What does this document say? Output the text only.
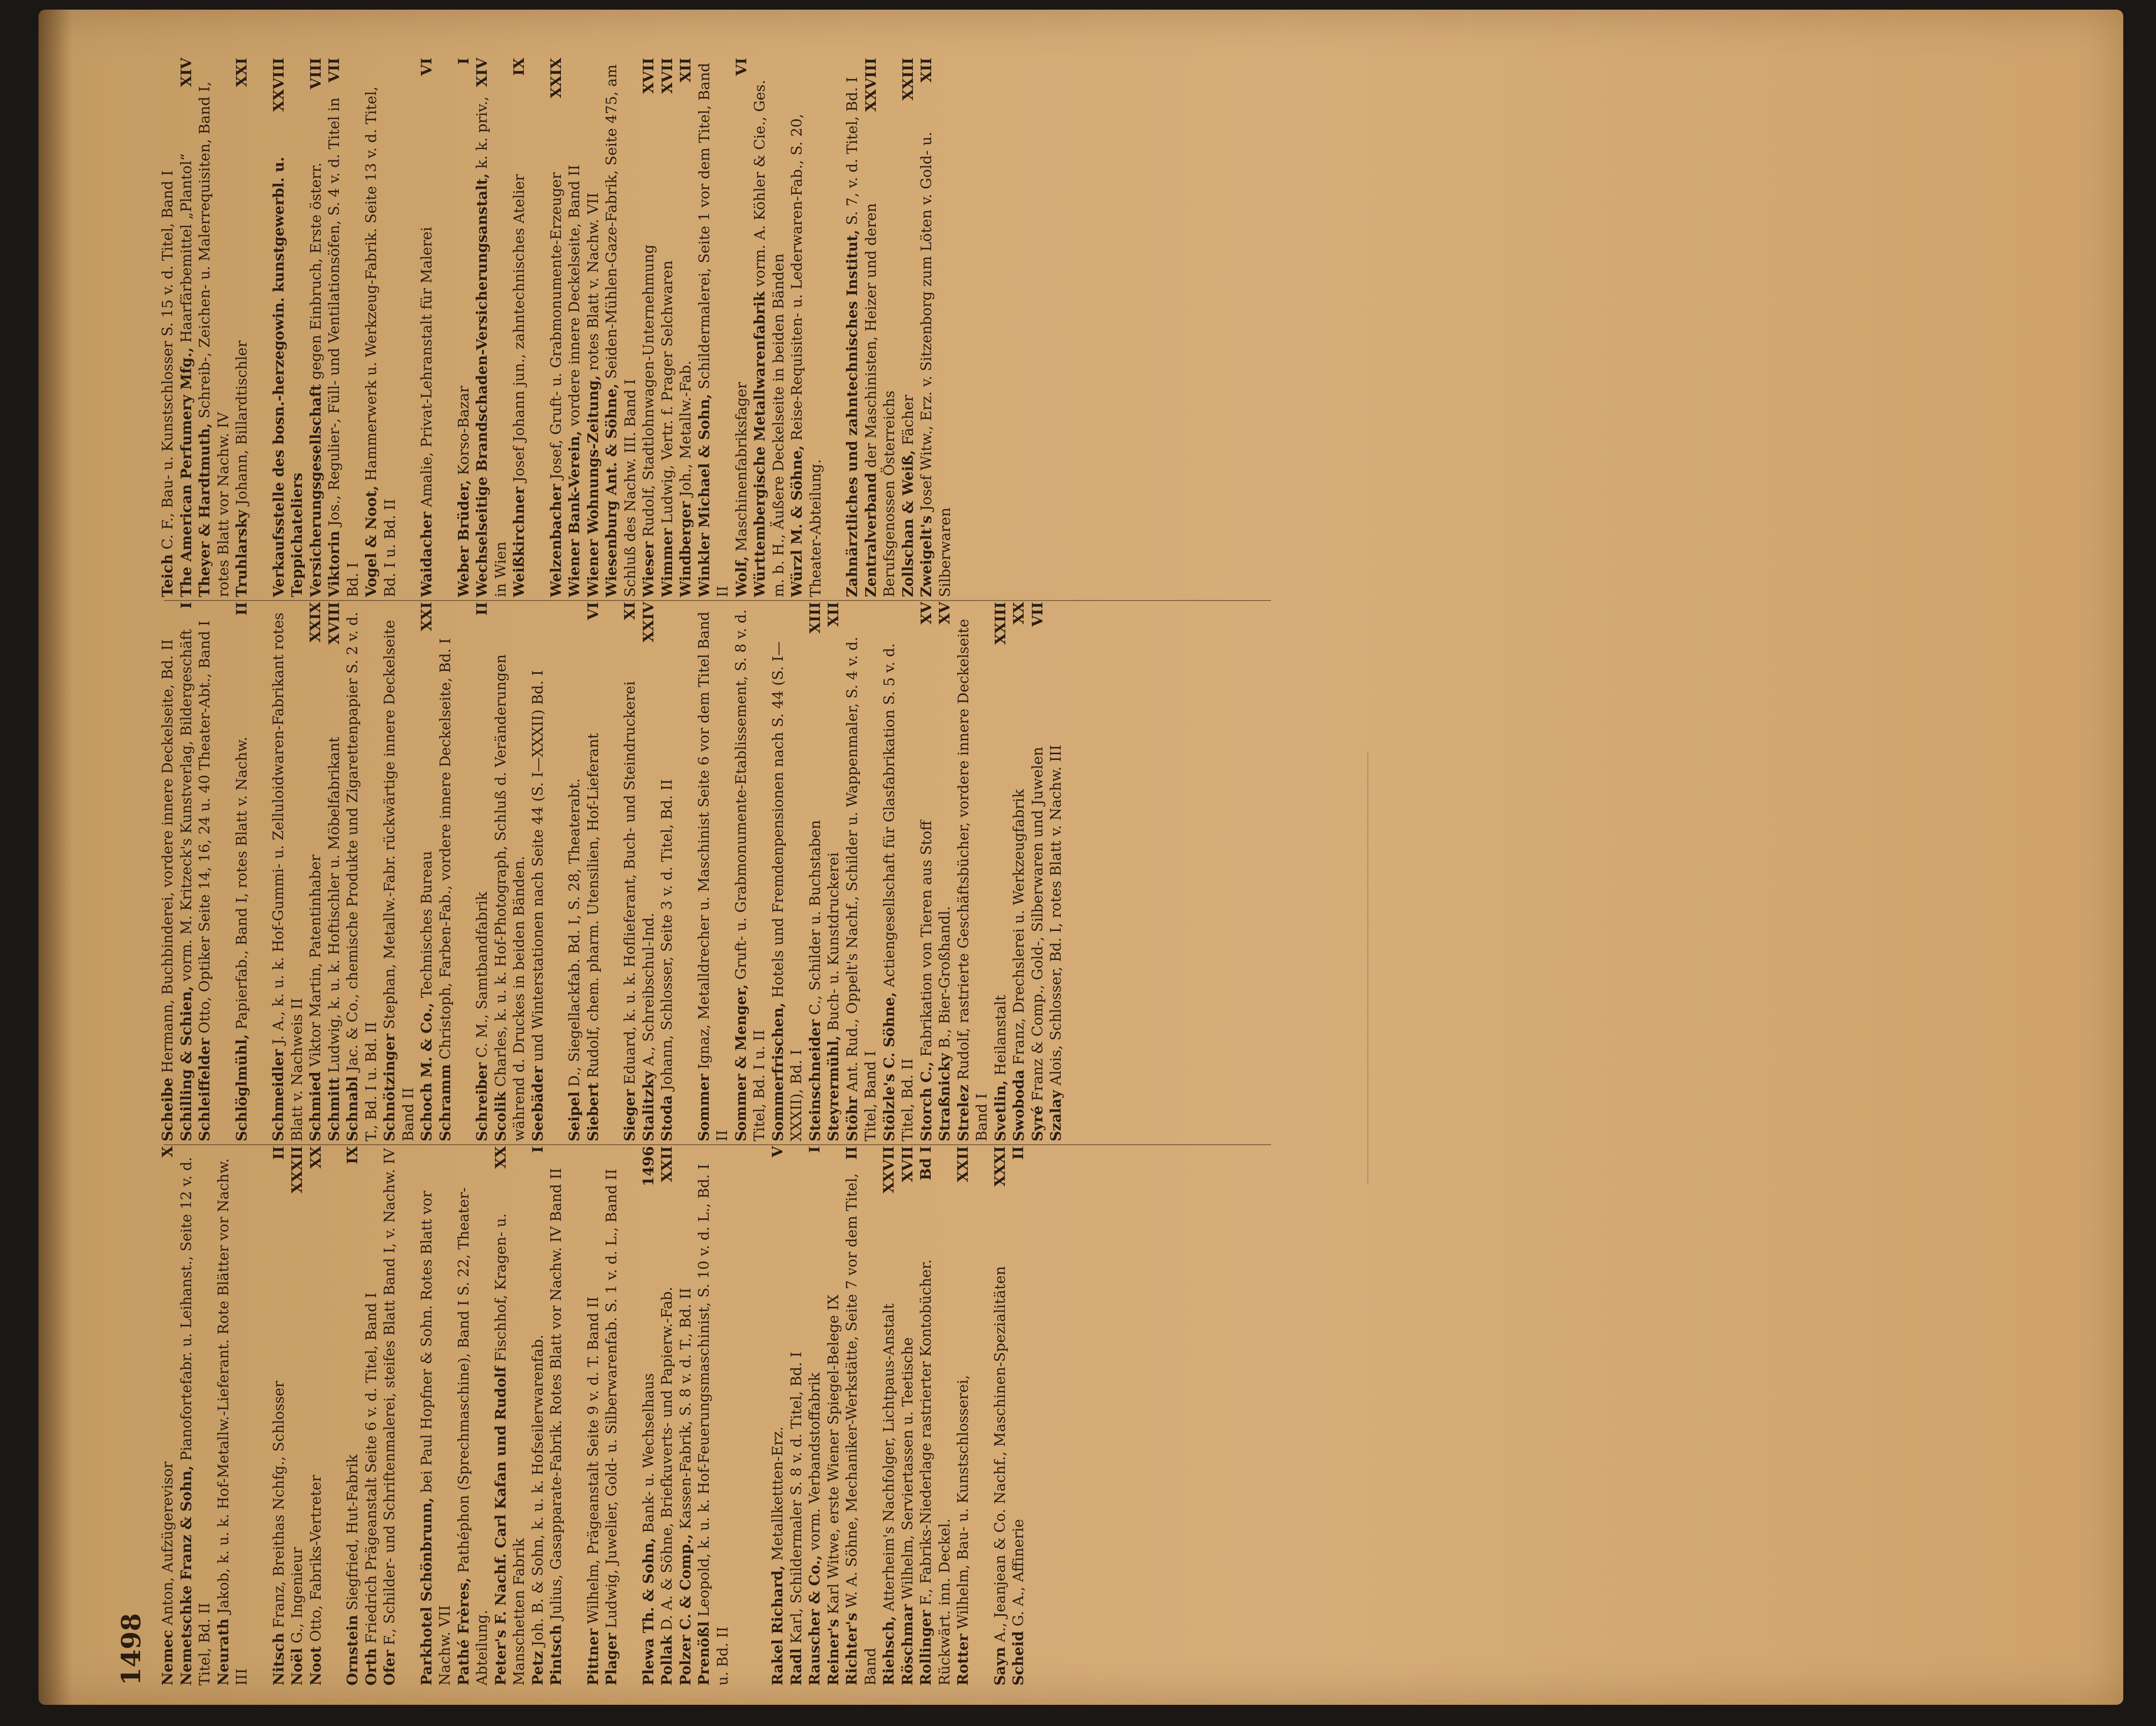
1498

X
Nemec Anton, Aufzügerevisor Nemetschke Franz & Sohn, Pianofortefabr. u. Leihanst., Seite 12 v. d. Titel, Bd. II Neurath Jakob, k. u. k. Hof-Metallw.-Lieferant. Rote Blätter vor Nachw. III

II
Nitsch Franz, Breithas Nchfg., Schlosser

XXXII
Noël G., Ingenieur

XX
Noot Otto, Fabriks-Vertreter

IX
Ornstein Siegfried, Hut-Fabrik

Orth Friedrich Prägeanstalt Seite 6 v. d. Titel, Band I

Ofer F., Schilder- und Schriftenmalerei, steifes Blatt Band I, v. Nachw. IV Parkhotel Schönbrunn, bei Paul Hopfner & Sohn. Rotes Blatt vor Nachw. VII Pathé Frères, Pathéphon (Sprechmaschine), Band I S. 22, Theater-Abteilung.

XX
Peter's F. Nachf. Carl Kafan und Rudolf Fischhof, Kragen- u. Manschetten Fabrik

I
Petz Joh. B. & Sohn, k. u. k. Hofseilerwarenfab.

Pintsch Julius, Gasapparate-Fabrik. Rotes Blatt vor Nachw. IV Band II

Pittner Wilhelm, Prägeanstalt Seite 9 v. d. T. Band II

Plager Ludwig, Juwelier, Gold- u. Silberwarenfab. S. 1 v. d. L., Band II

1496
Plewa Th. & Sohn, Bank- u. Wechselhaus

XXII
Pollak D. A. & Söhne, Briefkuverts- und Papierw.-Fab. Polzer C. & Comp., Kassen-Fabrik, S. 8 v. d. T., Bd. II

Prenößl Leopold, k. u. k. Hof-Feuerungsmaschinist, S. 10 v. d. L., Bd. I u. Bd. II

V
Rakel Richard, Metallkettten-Erz.

Radl Karl, Schildermaler S. 8 v. d. Titel, Bd. I

I
Rauscher & Co., vorm. Verbandstoffabrik

Reiner's Karl Witwe, erste Wiener Spiegel-Belege IX

II
Richter's W. A. Söhne, Mechaniker-Werkstätte, Seite 7 vor dem Titel, Band

XXVII
Riehsch, Atterheim's Nachfolger, Lichtpaus-Anstalt

XVII
Röschmar Wilhelm, Serviertassen u. Teetische

Bd I
Rollinger F., Fabriks-Niederlage rastrierter Kontobücher. Rückwärt. inn. Deckel.

XXII
Rotter Wilhelm, Bau- u. Kunstschlosserei,

XXXI
Sayn A., Jeanjean & Co. Nachf., Maschinen-Spezialitäten

II
Scheid G. A., Affinerie

Scheibe Hermann, Buchbinderei, vordere innere Deckelseite, Bd. II

I
Schilling & Schien, vorm. M. Kritzeck's Kunstverlag, Bildergeschäft

Schleiffelder Otto, Optiker Seite 14, 16, 24 u. 40 Theater-Abt., Band I

II
Schlöglmühl, Papierfab., Band I, rotes Blatt v. Nachw.

Schmeidler J. A., k. u. k. Hof-Gummi- u. Zelluloidwaren-Fabrikant rotes Blatt v. Nachweis II

XXIX
Schmied Viktor Martin, Patentinhaber

XVIII
Schmitt Ludwig, k. u. k. Hoftischler u. Möbelfabrikant

Schnabl Jac. & Co., chemische Produkte und Zigarettenpapier S. 2 v. d. T., Bd. I u. Bd. II Schnötzinger Stephan, Metallw.-Fabr. rückwärtige innere Deckelseite Band II

XXI
Schoch M. & Co., Technisches Bureau

Schramm Christoph, Farben-Fab., vordere innere Deckelseite, Bd. I

II
Schreiber C. M., Samtbandfabrik

Scolik Charles, k. u. k. Hof-Photograph, Schluß d. Veränderungen während d. Druckes in beiden Bänden. Seebäder und Winterstationen nach Seite 44 (S. I—XXXII) Bd. I

Seipel D., Siegellackfab. Bd. I, S. 28, Theaterabt.

VI
Siebert Rudolf, chem. pharm. Utensilien, Hof-Lieferant

XI
Sieger Eduard, k. u. k. Hoflieferant, Buch- und Steindruckerei

XXIV
Stalitzky A., Schreibschul-Ind.

Stoda Johann, Schlosser, Seite 3 v. d. Titel, Bd. II

Sommer Ignaz, Metalldrecher u. Maschinist Seite 6 vor dem Titel Band II Sommer & Menger, Gruft- u. Grabmonumente-Etablissement, S. 8 v. d. Titel, Bd. I u. II Sommerfrischen, Hotels und Fremdenpensionen nach S. 44 (S. I—XXXII), Bd. I

XIII
Steinschneider C., Schilder u. Buchstaben

XII
Steyrermühl, Buch- u. Kunstdruckerei

Stöhr Ant. Rud., Oppelt's Nachf., Schilder u. Wappenmaler, S. 4 v. d. Titel, Band I Stölzle's C. Söhne, Actiengesellschaft für Glasfabrikation S. 5 v. d. Titel, Bd. II

XV
Storch C., Fabrikation von Tieren aus Stoff

XV
Straßnicky B., Bier-Großhandl.

Strelez Rudolf, rastrierte Geschäftsbücher, vordere innere Deckelseite Band I

XXIII
Svetlin, Heilanstalt

XX
Swoboda Franz, Drechslerei u. Werkzeugfabrik

VII
Syré Franz & Comp., Gold-, Silberwaren und Juwelen

Szalay Alois, Schlosser, Bd. I, rotes Blatt v. Nachw. III

Teich C. F., Bau- u. Kunstschlosser S. 15 v. d. Titel, Band I

XIV
The American Perfumery Mfg., Haarfärbemittel „Plantol“

Theyer & Hardtmuth, Schreib-, Zeichen- u. Malerrequisiten, Band I, rotes Blatt vor Nachw. IV

XXI
Truhlarsky Johann, Billardtischler

XXVIII
Verkaufsstelle des bosn.-herzegowin. kunstgewerbl. u. Teppichateliers

VIII
Versicherungsgesellschaft gegen Einbruch, Erste österr.

VII
Viktorin Jos., Regulier-, Füll- und Ventilationsöfen, S. 4 v. d. Titel in Bd. I Vogel & Noot, Hammerwerk u. Werkzeug-Fabrik. Seite 13 v. d. Titel, Bd. I u. Bd. II

VI
Waidacher Amalie, Privat-Lehranstalt für Malerei

I
Weber Brüder, Korso-Bazar

XIV
Wechselseitige Brandschaden-Versicherungsanstalt, k. k. priv., in Wien

IX
Weißkirchner Josef Johann jun., zahntechnisches Atelier

XXIX
Welzenbacher Josef, Gruft- u. Grabmonumente-Erzeuger

Wiener Bank-Verein, vordere innere Deckelseite, Band II

Wiener Wohnungs-Zeitung, rotes Blatt v. Nachw. VII

Wiesenburg Ant. & Söhne, Seiden-Mühlen-Gaze-Fabrik, Seite 475, am Schluß des Nachw. III. Band I

XVII
Wieser Rudolf, Stadtlohnwagen-Unternehmung

XVII
Wimmer Ludwig, Vertr. f. Prager Selchwaren

XII
Windberger Joh., Metallw.-Fab. Winkler Michael & Sohn, Schildermalerei, Seite 1 vor dem Titel, Band II

VI
Wolf, Maschinenfabriksfager Württembergische Metallwarenfabrik vorm. A. Köhler & Cie., Ges. m. b. H., Äußere Deckelseite in beiden Bänden Würzl M. & Söhne, Reise-Requisiten- u. Lederwaren-Fab., S. 20, Theater-Abteilung. Zahnärztliches und zahntechnisches Institut, S. 7, v. d. Titel, Bd. I XXVIII
Zentralverband der Maschinisten, Heizer und deren Berufsgenossen Österreichs

XXIII
Zollschan & Weiß, Fächer

XII
Zweigelt's Josef Witw., Erz. v. Sitzenborg zum Löten v. Gold- u. Silberwaren
